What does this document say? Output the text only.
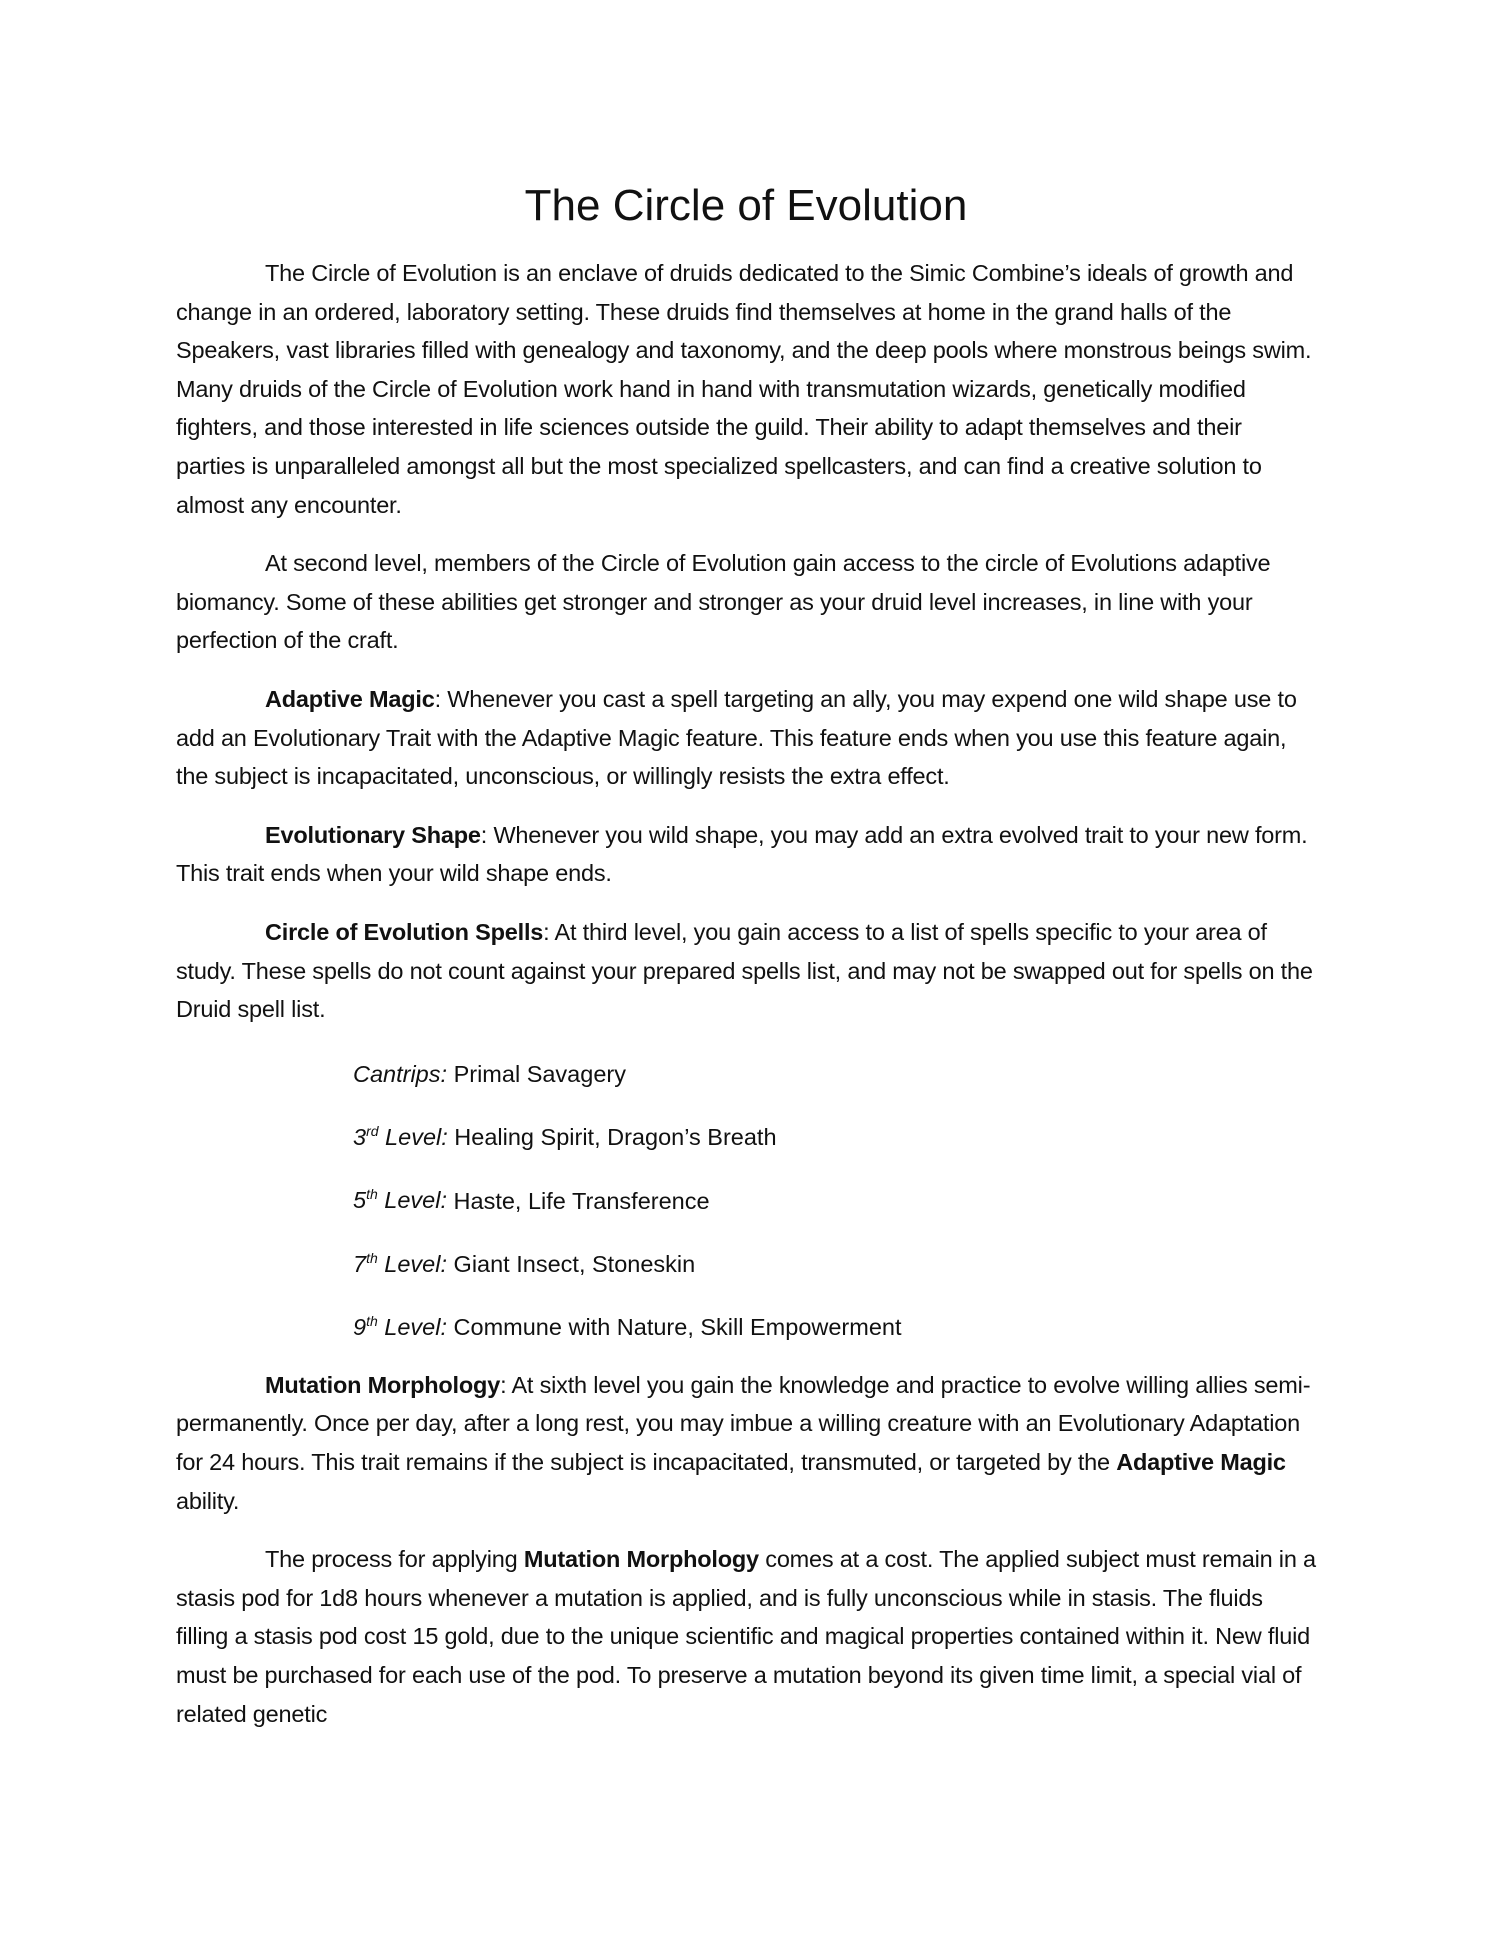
The Circle of Evolution

The Circle of Evolution is an enclave of druids dedicated to the Simic Combine’s ideals of growth and change in an ordered, laboratory setting. These druids find themselves at home in the grand halls of the Speakers, vast libraries filled with genealogy and taxonomy, and the deep pools where monstrous beings swim. Many druids of the Circle of Evolution work hand in hand with transmutation wizards, genetically modified fighters, and those interested in life sciences outside the guild. Their ability to adapt themselves and their parties is unparalleled amongst all but the most specialized spellcasters, and can find a creative solution to almost any encounter.

At second level, members of the Circle of Evolution gain access to the circle of Evolutions adaptive biomancy. Some of these abilities get stronger and stronger as your druid level increases, in line with your perfection of the craft.

Adaptive Magic: Whenever you cast a spell targeting an ally, you may expend one wild shape use to add an Evolutionary Trait with the Adaptive Magic feature. This feature ends when you use this feature again, the subject is incapacitated, unconscious, or willingly resists the extra effect.

Evolutionary Shape: Whenever you wild shape, you may add an extra evolved trait to your new form. This trait ends when your wild shape ends.

Circle of Evolution Spells: At third level, you gain access to a list of spells specific to your area of study. These spells do not count against your prepared spells list, and may not be swapped out for spells on the Druid spell list.

Cantrips: Primal Savagery
3rd Level: Healing Spirit, Dragon’s Breath
5th Level: Haste, Life Transference
7th Level: Giant Insect, Stoneskin
9th Level: Commune with Nature, Skill Empowerment

Mutation Morphology: At sixth level you gain the knowledge and practice to evolve willing allies semi-permanently. Once per day, after a long rest, you may imbue a willing creature with an Evolutionary Adaptation for 24 hours. This trait remains if the subject is incapacitated, transmuted, or targeted by the Adaptive Magic ability.

The process for applying Mutation Morphology comes at a cost. The applied subject must remain in a stasis pod for 1d8 hours whenever a mutation is applied, and is fully unconscious while in stasis. The fluids filling a stasis pod cost 15 gold, due to the unique scientific and magical properties contained within it. New fluid must be purchased for each use of the pod. To preserve a mutation beyond its given time limit, a special vial of related genetic
